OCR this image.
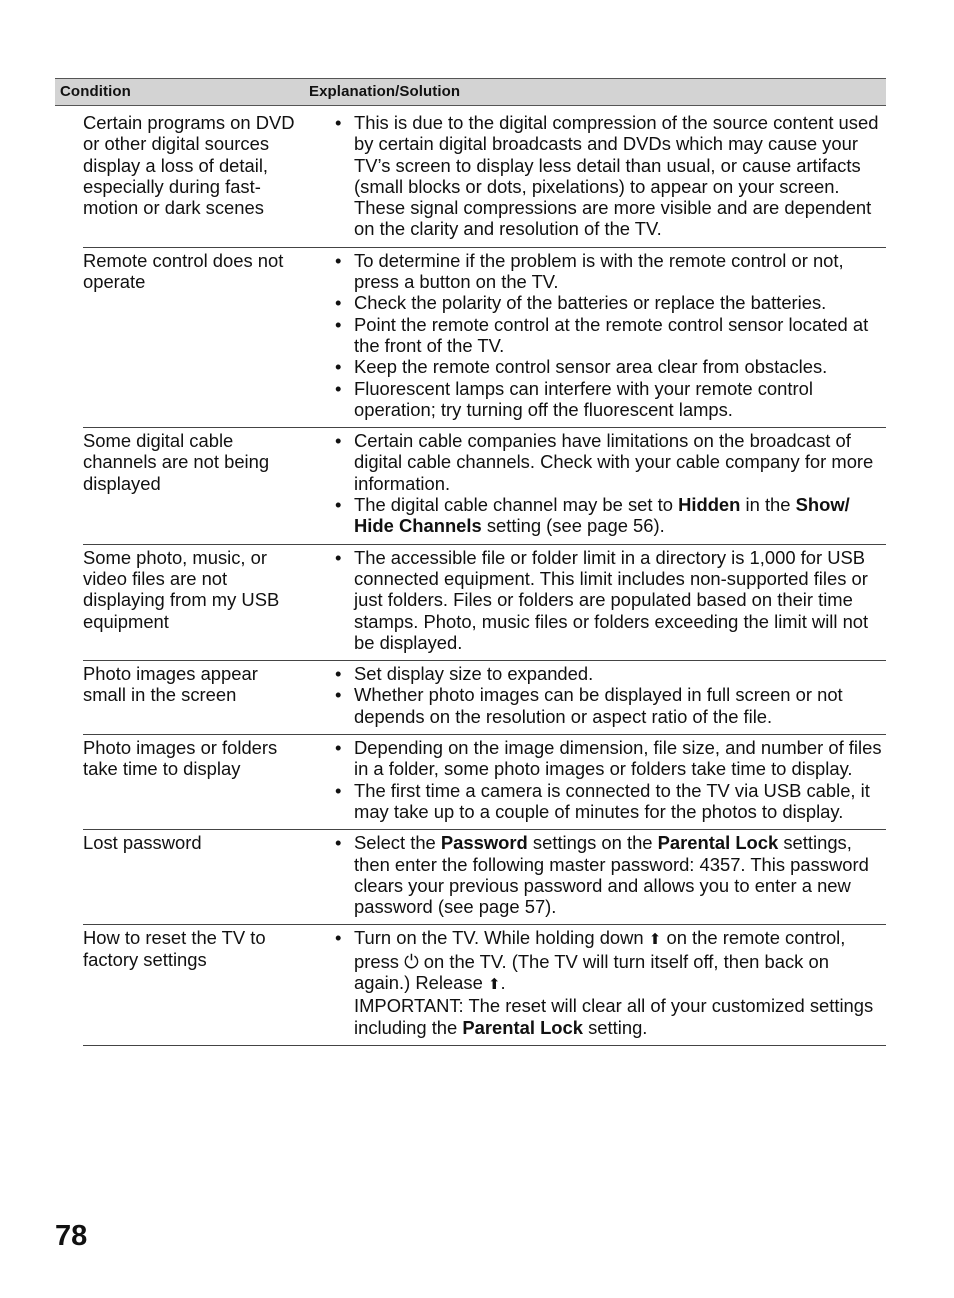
Condition	Explanation/Solution
Certain programs on DVD or other digital sources display a loss of detail, especially during fast-motion or dark scenes
• This is due to the digital compression of the source content used by certain digital broadcasts and DVDs which may cause your TV’s screen to display less detail than usual, or cause artifacts (small blocks or dots, pixelations) to appear on your screen. These signal compressions are more visible and are dependent on the clarity and resolution of the TV.
Remote control does not operate
• To determine if the problem is with the remote control or not, press a button on the TV.
• Check the polarity of the batteries or replace the batteries.
• Point the remote control at the remote control sensor located at the front of the TV.
• Keep the remote control sensor area clear from obstacles.
• Fluorescent lamps can interfere with your remote control operation; try turning off the fluorescent lamps.
Some digital cable channels are not being displayed
• Certain cable companies have limitations on the broadcast of digital cable channels. Check with your cable company for more information.
• The digital cable channel may be set to Hidden in the Show/ Hide Channels setting (see page 56).
Some photo, music, or video files are not displaying from my USB equipment
• The accessible file or folder limit in a directory is 1,000 for USB connected equipment. This limit includes non-supported files or just folders. Files or folders are populated based on their time stamps. Photo, music files or folders exceeding the limit will not be displayed.
Photo images appear small in the screen
• Set display size to expanded.
• Whether photo images can be displayed in full screen or not depends on the resolution or aspect ratio of the file.
Photo images or folders take time to display
• Depending on the image dimension, file size, and number of files in a folder, some photo images or folders take time to display.
• The first time a camera is connected to the TV via USB cable, it may take up to a couple of minutes for the photos to display.
Lost password	• Select the Password settings on the Parental Lock settings, then enter the following master password: 4357. This password clears your previous password and allows you to enter a new password (see page 57).
How to reset the TV to factory settings
• Turn on the TV. While holding down ⬆ on the remote control, press ⏻ on the TV. (The TV will turn itself off, then back on again.) Release ⬆.
IMPORTANT: The reset will clear all of your customized settings including the Parental Lock setting.
78
